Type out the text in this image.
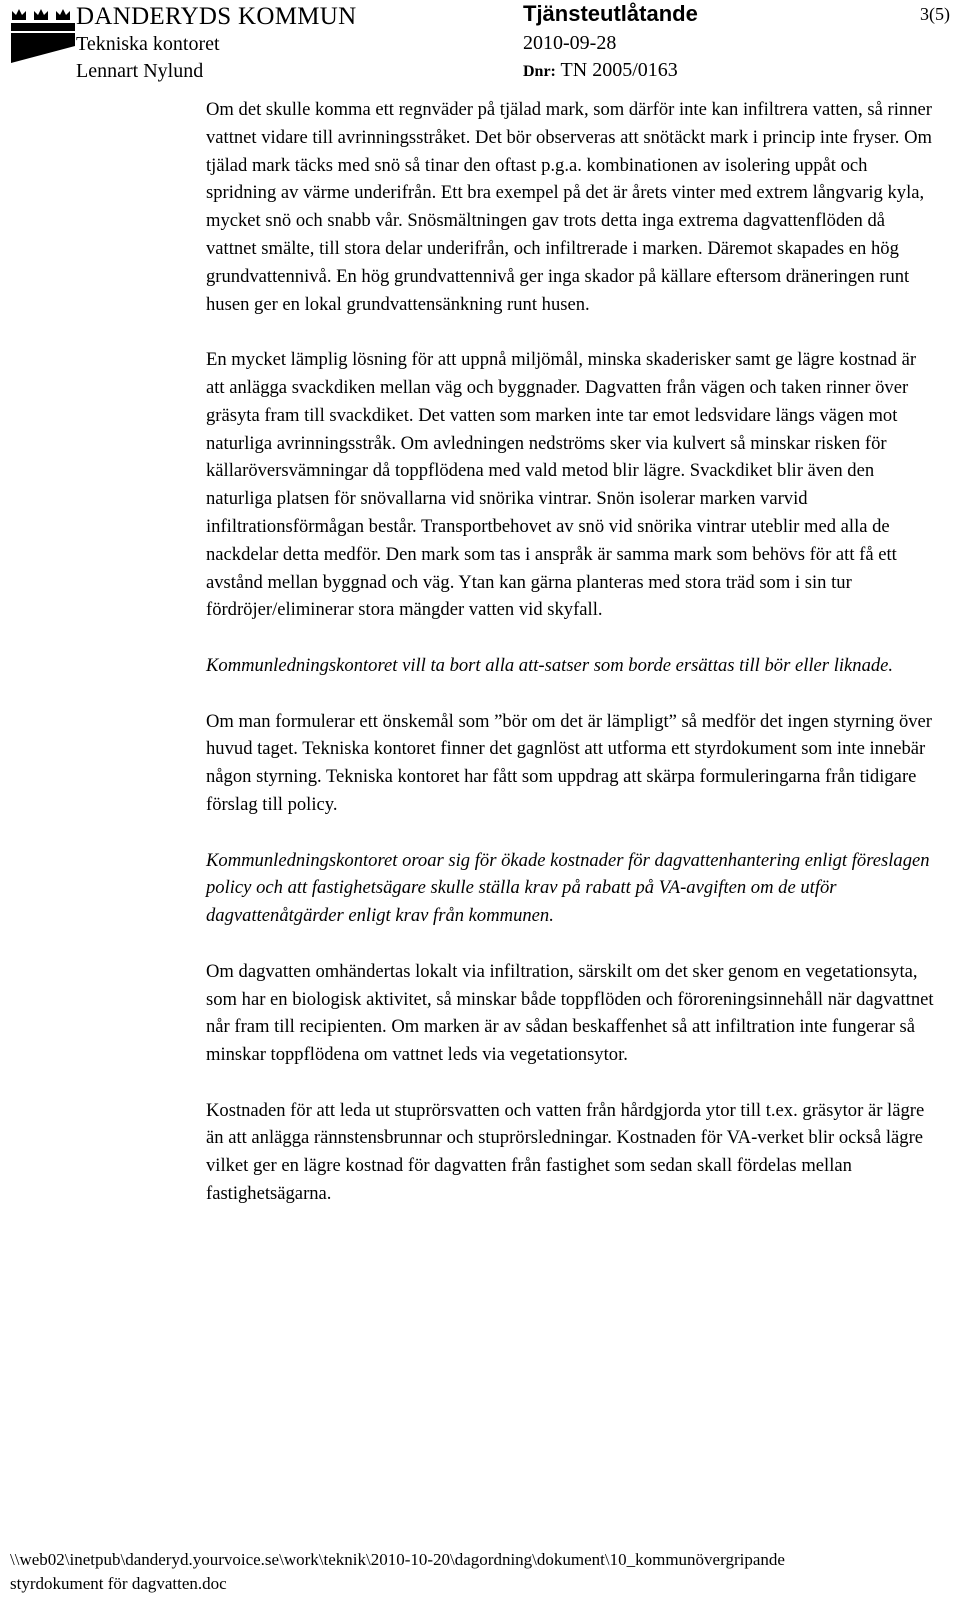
DANDERYDS KOMMUN
Tekniska kontoret
Lennart Nylund
Tjänsteutlåtande
2010-09-28
Dnr: TN 2005/0163
3(5)

Om det skulle komma ett regnväder på tjälad mark, som därför inte kan infiltrera vatten, så rinner vattnet vidare till avrinningsstråket. Det bör observeras att snötäckt mark i princip inte fryser. Om tjälad mark täcks med snö så tinar den oftast p.g.a. kombinationen av isolering uppåt och spridning av värme underifrån. Ett bra exempel på det är årets vinter med extrem långvarig kyla, mycket snö och snabb vår. Snösmältningen gav trots detta inga extrema dagvattenflöden då vattnet smälte, till stora delar underifrån, och infiltrerade i marken. Däremot skapades en hög grundvattennivå. En hög grundvattennivå ger inga skador på källare eftersom dräneringen runt husen ger en lokal grundvattensänkning runt husen.

En mycket lämplig lösning för att uppnå miljömål, minska skaderisker samt ge lägre kostnad är att anlägga svackdiken mellan väg och byggnader. Dagvatten från vägen och taken rinner över gräsyta fram till svackdiket. Det vatten som marken inte tar emot ledsvidare längs vägen mot naturliga avrinningsstråk. Om avledningen nedströms sker via kulvert så minskar risken för källaröversvämningar då toppflödena med vald metod blir lägre. Svackdiket blir även den naturliga platsen för snövallarna vid snörika vintrar. Snön isolerar marken varvid infiltrationsförmågan består. Transportbehovet av snö vid snörika vintrar uteblir med alla de nackdelar detta medför. Den mark som tas i anspråk är samma mark som behövs för att få ett avstånd mellan byggnad och väg. Ytan kan gärna planteras med stora träd som i sin tur fördröjer/eliminerar stora mängder vatten vid skyfall.

Kommunledningskontoret vill ta bort alla att-satser som borde ersättas till bör eller liknade.

Om man formulerar ett önskemål som ”bör om det är lämpligt” så medför det ingen styrning över huvud taget. Tekniska kontoret finner det gagnlöst att utforma ett styrdokument som inte innebär någon styrning. Tekniska kontoret har fått som uppdrag att skärpa formuleringarna från tidigare förslag till policy.

Kommunledningskontoret oroar sig för ökade kostnader för dagvattenhantering enligt föreslagen policy och att fastighetsägare skulle ställa krav på rabatt på VA-avgiften om de utför dagvattenåtgärder enligt krav från kommunen.

Om dagvatten omhändertas lokalt via infiltration, särskilt om det sker genom en vegetationsyta, som har en biologisk aktivitet, så minskar både toppflöden och föroreningsinnehåll när dagvattnet når fram till recipienten. Om marken är av sådan beskaffenhet så att infiltration inte fungerar så minskar toppflödena om vattnet leds via vegetationsytor.

Kostnaden för att leda ut stuprörsvatten och vatten från hårdgjorda ytor till t.ex. gräsytor är lägre än att anlägga rännstensbrunnar och stuprörsledningar. Kostnaden för VA-verket blir också lägre vilket ger en lägre kostnad för dagvatten från fastighet som sedan skall fördelas mellan fastighetsägarna.

\\web02\inetpub\danderyd.yourvoice.se\work\teknik\2010-10-20\dagordning\dokument\10_kommunövergripande
styrdokument för dagvatten.doc
